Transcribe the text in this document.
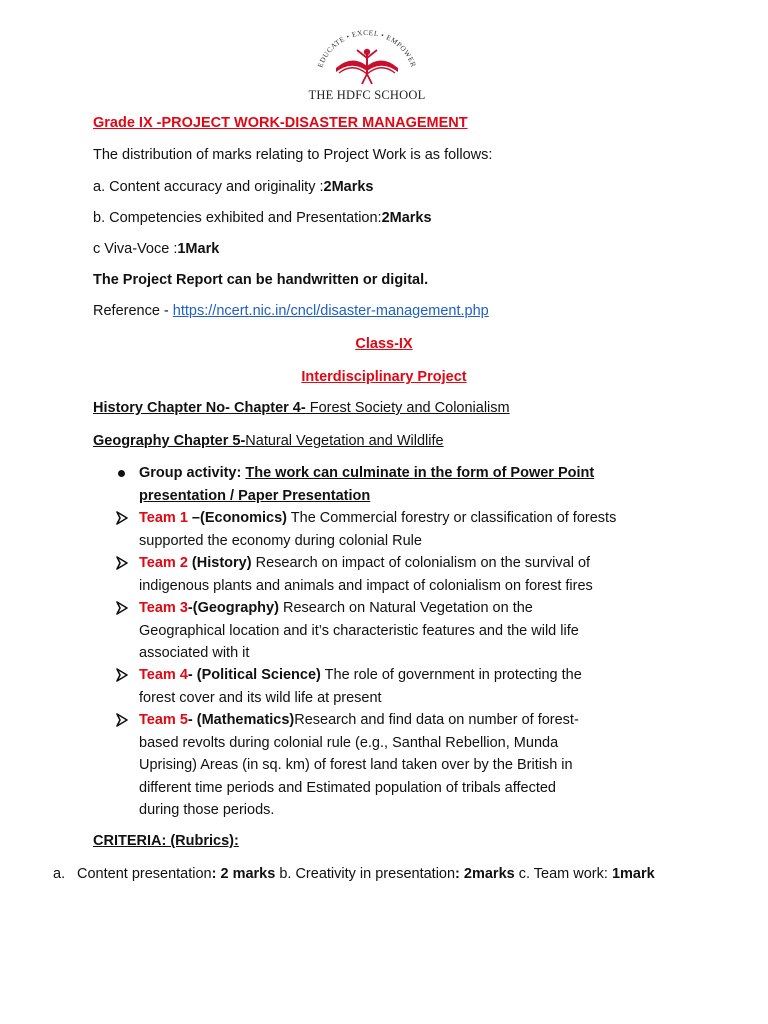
EDUCATE • EXCEL • EMPOWER
THE HDFC SCHOOL
Grade IX -PROJECT WORK-DISASTER MANAGEMENT
The distribution of marks relating to Project Work is as follows:
a. Content accuracy and originality :2Marks
b. Competencies exhibited and Presentation:2Marks
c Viva-Voce :1Mark
The Project Report can be handwritten or digital.
Reference - https://ncert.nic.in/cncl/disaster-management.php
Class-IX
Interdisciplinary Project
History Chapter No- Chapter 4- Forest Society and Colonialism
Geography Chapter 5-Natural Vegetation and Wildlife
Group activity: The work can culminate in the form of Power Point
presentation / Paper Presentation
Team 1 –(Economics) The Commercial forestry or classification of forests
supported the economy during colonial Rule
Team 2 (History) Research on impact of colonialism on the survival of
indigenous plants and animals and impact of colonialism on forest fires
Team 3-(Geography) Research on Natural Vegetation on the
Geographical location and it’s characteristic features and the wild life
associated with it
Team 4- (Political Science) The role of government in protecting the
forest cover and its wild life at present
Team 5- (Mathematics)Research and find data on number of forest-
based revolts during colonial rule (e.g., Santhal Rebellion, Munda
Uprising) Areas (in sq. km) of forest land taken over by the British in
different time periods and Estimated population of tribals affected
during those periods.
CRITERIA: (Rubrics):
a. Content presentation: 2 marks b. Creativity in presentation: 2marks c. Team work: 1mark
